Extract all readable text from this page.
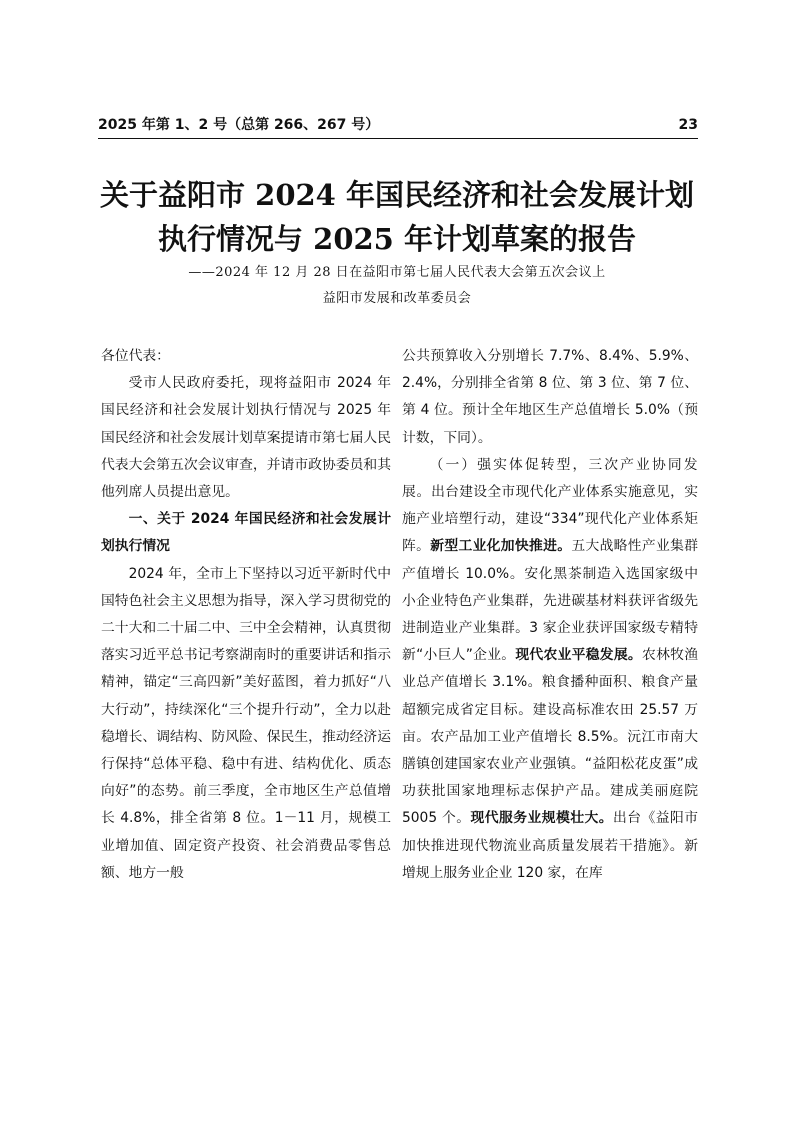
2025 年第 1、2 号（总第 266、267 号）	23
关于益阳市 2024 年国民经济和社会发展计划
执行情况与 2025 年计划草案的报告
——2024 年 12 月 28 日在益阳市第七届人民代表大会第五次会议上
益阳市发展和改革委员会

各位代表：

受市人民政府委托，现将益阳市 2024 年国民经济和社会发展计划执行情况与 2025 年国民经济和社会发展计划草案提请市第七届人民代表大会第五次会议审查，并请市政协委员和其他列席人员提出意见。

一、关于 2024 年国民经济和社会发展计划执行情况

2024 年，全市上下坚持以习近平新时代中国特色社会主义思想为指导，深入学习贯彻党的二十大和二十届二中、三中全会精神，认真贯彻落实习近平总书记考察湖南时的重要讲话和指示精神，锚定“三高四新”美好蓝图，着力抓好“八大行动”，持续深化“三个提升行动”，全力以赴稳增长、调结构、防风险、保民生，推动经济运行保持“总体平稳、稳中有进、结构优化、质态向好”的态势。前三季度，全市地区生产总值增长 4.8%，排全省第 8 位。1－11 月，规模工业增加值、固定资产投资、社会消费品零售总额、地方一般

公共预算收入分别增长 7.7%、8.4%、5.9%、2.4%，分别排全省第 8 位、第 3 位、第 7 位、第 4 位。预计全年地区生产总值增长 5.0%（预计数，下同）。

（一）强实体促转型，三次产业协同发展。出台建设全市现代化产业体系实施意见，实施产业培塑行动，建设“334”现代化产业体系矩阵。新型工业化加快推进。五大战略性产业集群产值增长 10.0%。安化黑茶制造入选国家级中小企业特色产业集群，先进碳基材料获评省级先进制造业产业集群。3 家企业获评国家级专精特新“小巨人”企业。现代农业平稳发展。农林牧渔业总产值增长 3.1%。粮食播种面积、粮食产量超额完成省定目标。建设高标准农田 25.57 万亩。农产品加工业产值增长 8.5%。沅江市南大膳镇创建国家农业产业强镇。“益阳松花皮蛋”成功获批国家地理标志保护产品。建成美丽庭院 5005 个。现代服务业规模壮大。出台《益阳市加快推进现代物流业高质量发展若干措施》。新增规上服务业企业 120 家，在库
